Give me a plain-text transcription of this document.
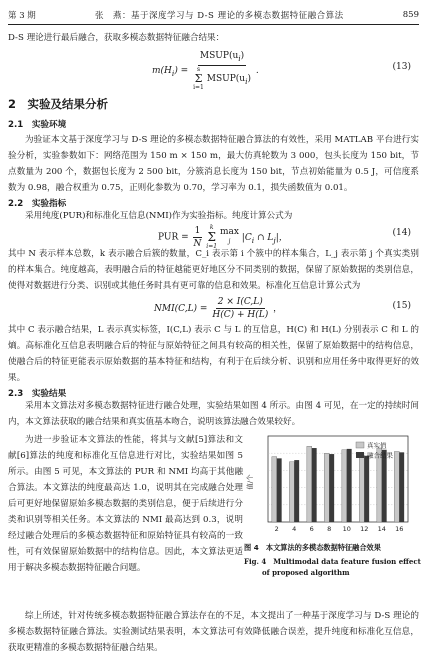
第 3 期	张　燕：基于深度学习与 D-S 理论的多模态数据特征融合算法	859
D-S 理论进行最后融合，获取多模态数据特征融合结果：
$m(H_i)$ = $MSUP(u_i)$
s
Σ
i=1
$MSUP(u_i)$ .	(13)
2　实验及结果分析
2.1　实验环境
为验证本文基于深度学习与 D-S 理论的多模态数据特征融合算法的有效性，采用 MATLAB 平台进行实验分析，实验参数如下：网络范围为 150 m × 150 m，最大仿真轮数为 3 000，包头长度为 150 bit，节点数量为 200 个，数据包长度为 2 500 bit，分簇消息长度为 150 bit，节点初始能量为 0.5 J，可信度系数为 0.98，融合权重为 0.75，正则化参数为 0.70，学习率为 0.1，损失函数值为 0.01。
2.2　实验指标
采用纯度(PUR)和标准化互信息(NMI)作为实验指标。纯度计算公式为
PUR = $\frac{1}{N}$
k
Σ
i=1

max
j $|C_i$ ∩ $L_j|$，	(14)
其中 N 表示样本总数，k 表示融合后簇的数量，C_i 表示第 i 个簇中的样本集合，L_j 表示第 j 个真实类别的样本集合。纯度越高，表明融合后的特征越能更好地区分不同类别的数据，保留了原始数据的类别信息，使得对数据进行分类、识别或其他任务时具有更可靠的信息和效果。标准化互信息计算公式为
$NMI(C,L) = \frac{2 \times I(C,L)}{H(C) + H(L)}$ ，	(15)
其中 C 表示融合结果，L 表示真实标签，I(C,L) 表示 C 与 L 的互信息，H(C) 和 H(L) 分别表示 C 和 L 的熵。高标准化互信息表明融合后的特征与原始特征之间具有较高的相关性，保留了原始数据中的结构信息，使融合后的特征更能表示原始数据的基本特征和结构，有利于在后续分析、识别和应用任务中取得更好的效果。
2.3　实验结果
采用本文算法对多模态数据特征进行融合处理，实验结果如图 4 所示。由图 4 可见，在一定的持续时间内，本文算法获取的融合结果和真实值基本吻合，说明该算法融合效果较好。
为进一步验证本文算法的性能，将其与文献[5]算法和文献[6]算法的纯度和标准化互信息进行对比，实验结果如图 5 所示。由图 5 可见，本文算法的 PUR 和 NMI 均高于其他融合算法。本文算法的纯度最高达 1.0，说明其在完成融合处理后可更好地保留原始多模态数据的类别信息，便于后续进行分类和识别等相关任务。本文算法的 NMI 最高达到 0.3，说明经过融合处理后的多模态数据特征和原始特征具有较高的一致性，可有效保留原始数据中的结构信息。因此，本文算法更适用于解决多模态数据特征融合问题。
值/个
2 4 6 8 10 12 14 16
真实值
融合结果
图 4　本文算法的多模态数据特征融合效果
Fig. 4　Multimodal data feature fusion effect
of proposed algorithm
综上所述，针对传统多模态数据特征融合算法存在的不足，本文提出了一种基于深度学习与 D-S 理论的多模态数据特征融合算法。实验测试结果表明，本文算法可有效降低融合误差，提升纯度和标准化互信息，获取更精准的多模态数据特征融合结果。
